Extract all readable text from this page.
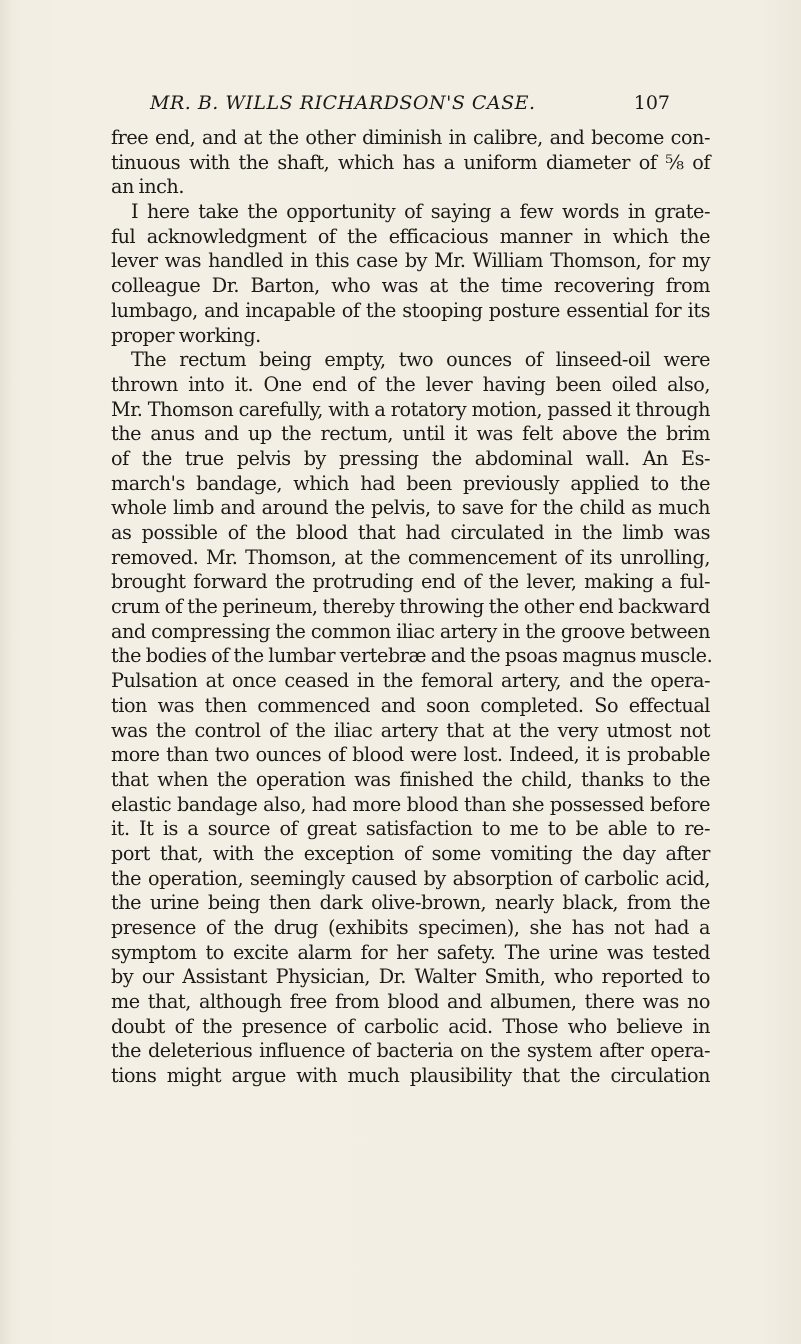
MR. B. WILLS RICHARDSON'S CASE.	107
free end, and at the other diminish in calibre, and become con-
tinuous with the shaft, which has a uniform diameter of ⅝ of
an inch.
I here take the opportunity of saying a few words in grate-
ful acknowledgment of the efficacious manner in which the
lever was handled in this case by Mr. William Thomson, for my
colleague Dr. Barton, who was at the time recovering from
lumbago, and incapable of the stooping posture essential for its
proper working.
The rectum being empty, two ounces of linseed-oil were
thrown into it. One end of the lever having been oiled also,
Mr. Thomson carefully, with a rotatory motion, passed it through
the anus and up the rectum, until it was felt above the brim
of the true pelvis by pressing the abdominal wall. An Es-
march's bandage, which had been previously applied to the
whole limb and around the pelvis, to save for the child as much
as possible of the blood that had circulated in the limb was
removed. Mr. Thomson, at the commencement of its unrolling,
brought forward the protruding end of the lever, making a ful-
crum of the perineum, thereby throwing the other end backward
and compressing the common iliac artery in the groove between
the bodies of the lumbar vertebræ and the psoas magnus muscle.
Pulsation at once ceased in the femoral artery, and the opera-
tion was then commenced and soon completed. So effectual
was the control of the iliac artery that at the very utmost not
more than two ounces of blood were lost. Indeed, it is probable
that when the operation was finished the child, thanks to the
elastic bandage also, had more blood than she possessed before
it. It is a source of great satisfaction to me to be able to re-
port that, with the exception of some vomiting the day after
the operation, seemingly caused by absorption of carbolic acid,
the urine being then dark olive-brown, nearly black, from the
presence of the drug (exhibits specimen), she has not had a
symptom to excite alarm for her safety. The urine was tested
by our Assistant Physician, Dr. Walter Smith, who reported to
me that, although free from blood and albumen, there was no
doubt of the presence of carbolic acid. Those who believe in
the deleterious influence of bacteria on the system after opera-
tions might argue with much plausibility that the circulation
